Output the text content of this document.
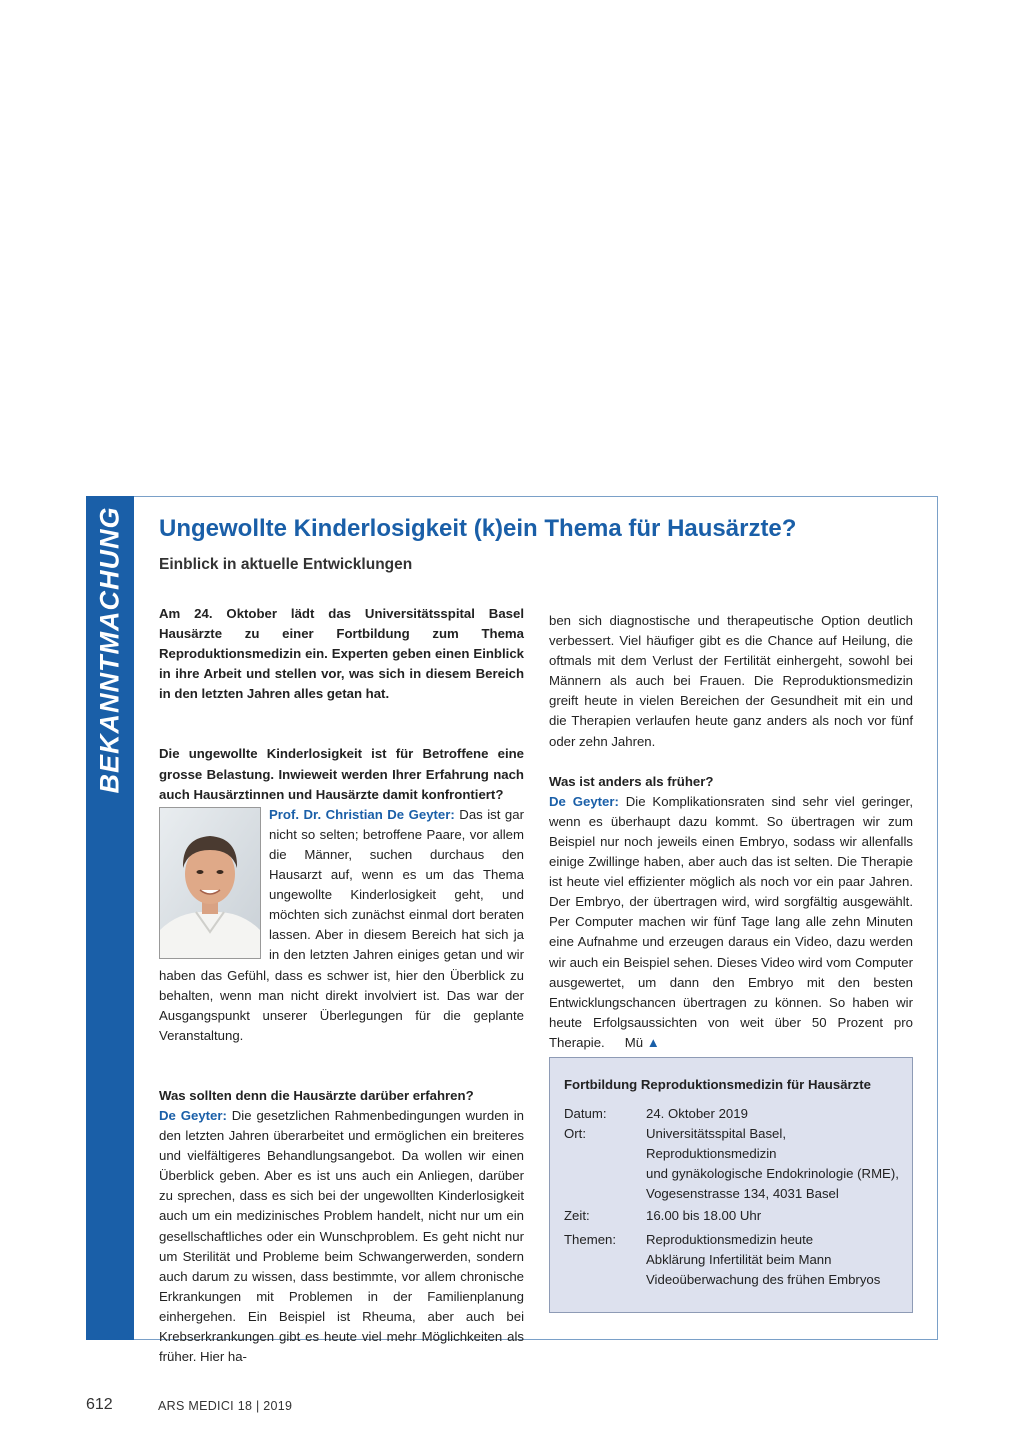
BEKANNTMACHUNG Ungewollte Kinderlosigkeit (k)ein Thema für Hausärzte?
Einblick in aktuelle Entwicklungen

Am 24. Oktober lädt das Universitätsspital Basel Hausärzte zu einer Fortbildung zum Thema Reproduktionsmedizin ein. Experten geben einen Einblick in ihre Arbeit und stellen vor, was sich in diesem Bereich in den letzten Jahren alles getan hat.

Die ungewollte Kinderlosigkeit ist für Betroffene eine grosse Belastung. Inwieweit werden Ihrer Erfahrung nach auch Hausärztinnen und Hausärzte damit konfrontiert?

Prof. Dr. Christian De Geyter: Das ist gar nicht so selten; betroffene Paare, vor allem die Männer, suchen durchaus den Hausarzt auf, wenn es um das Thema ungewollte Kinderlosigkeit geht, und möchten sich zunächst einmal dort beraten lassen. Aber in diesem Bereich hat sich ja in den letzten Jahren einiges getan und wir haben das Gefühl, dass es schwer ist, hier den Überblick zu behalten, wenn man nicht direkt involviert ist. Das war der Ausgangspunkt unserer Überlegungen für die geplante Veranstaltung.

Was sollten denn die Hausärzte darüber erfahren?

De Geyter: Die gesetzlichen Rahmenbedingungen wurden in den letzten Jahren überarbeitet und ermöglichen ein breiteres und vielfältigeres Behandlungsangebot. Da wollen wir einen Überblick geben. Aber es ist uns auch ein Anliegen, darüber zu sprechen, dass es sich bei der ungewollten Kinderlosigkeit auch um ein medizinisches Problem handelt, nicht nur um ein gesellschaftliches oder ein Wunschproblem. Es geht nicht nur um Sterilität und Probleme beim Schwangerwerden, sondern auch darum zu wissen, dass bestimmte, vor allem chronische Erkrankungen mit Problemen in der Familienplanung einhergehen. Ein Beispiel ist Rheuma, aber auch bei Krebserkrankungen gibt es heute viel mehr Möglichkeiten als früher. Hier ha-

ben sich diagnostische und therapeutische Option deutlich verbessert. Viel häufiger gibt es die Chance auf Heilung, die oftmals mit dem Verlust der Fertilität einhergeht, sowohl bei Männern als auch bei Frauen. Die Reproduktionsmedizin greift heute in vielen Bereichen der Gesundheit mit ein und die Therapien verlaufen heute ganz anders als noch vor fünf oder zehn Jahren.

Was ist anders als früher?

De Geyter: Die Komplikationsraten sind sehr viel geringer, wenn es überhaupt dazu kommt. So übertragen wir zum Beispiel nur noch jeweils einen Embryo, sodass wir allenfalls einige Zwillinge haben, aber auch das ist selten. Die Therapie ist heute viel effizienter möglich als noch vor ein paar Jahren. Der Embryo, der übertragen wird, wird sorgfältig ausgewählt. Per Computer machen wir fünf Tage lang alle zehn Minuten eine Aufnahme und erzeugen daraus ein Video, dazu werden wir auch ein Beispiel sehen. Dieses Video wird vom Computer ausgewertet, um dann den Embryo mit den besten Entwicklungschancen übertragen zu können. So haben wir heute Erfolgsaussichten von weit über 50 Prozent pro Therapie. Mü ▲

Fortbildung Reproduktionsmedizin für Hausärzte
Datum:	24. Oktober 2019
Ort:	Universitätsspital Basel,
Reproduktionsmedizin
und gynäkologische Endokrinologie (RME),
Vogesenstrasse 134, 4031 Basel
Zeit:	16.00 bis 18.00 Uhr
Themen: Reproduktionsmedizin heute
Abklärung Infertilität beim Mann
Videoüberwachung des frühen Embryos
612	ARS MEDICI 18 | 2019
